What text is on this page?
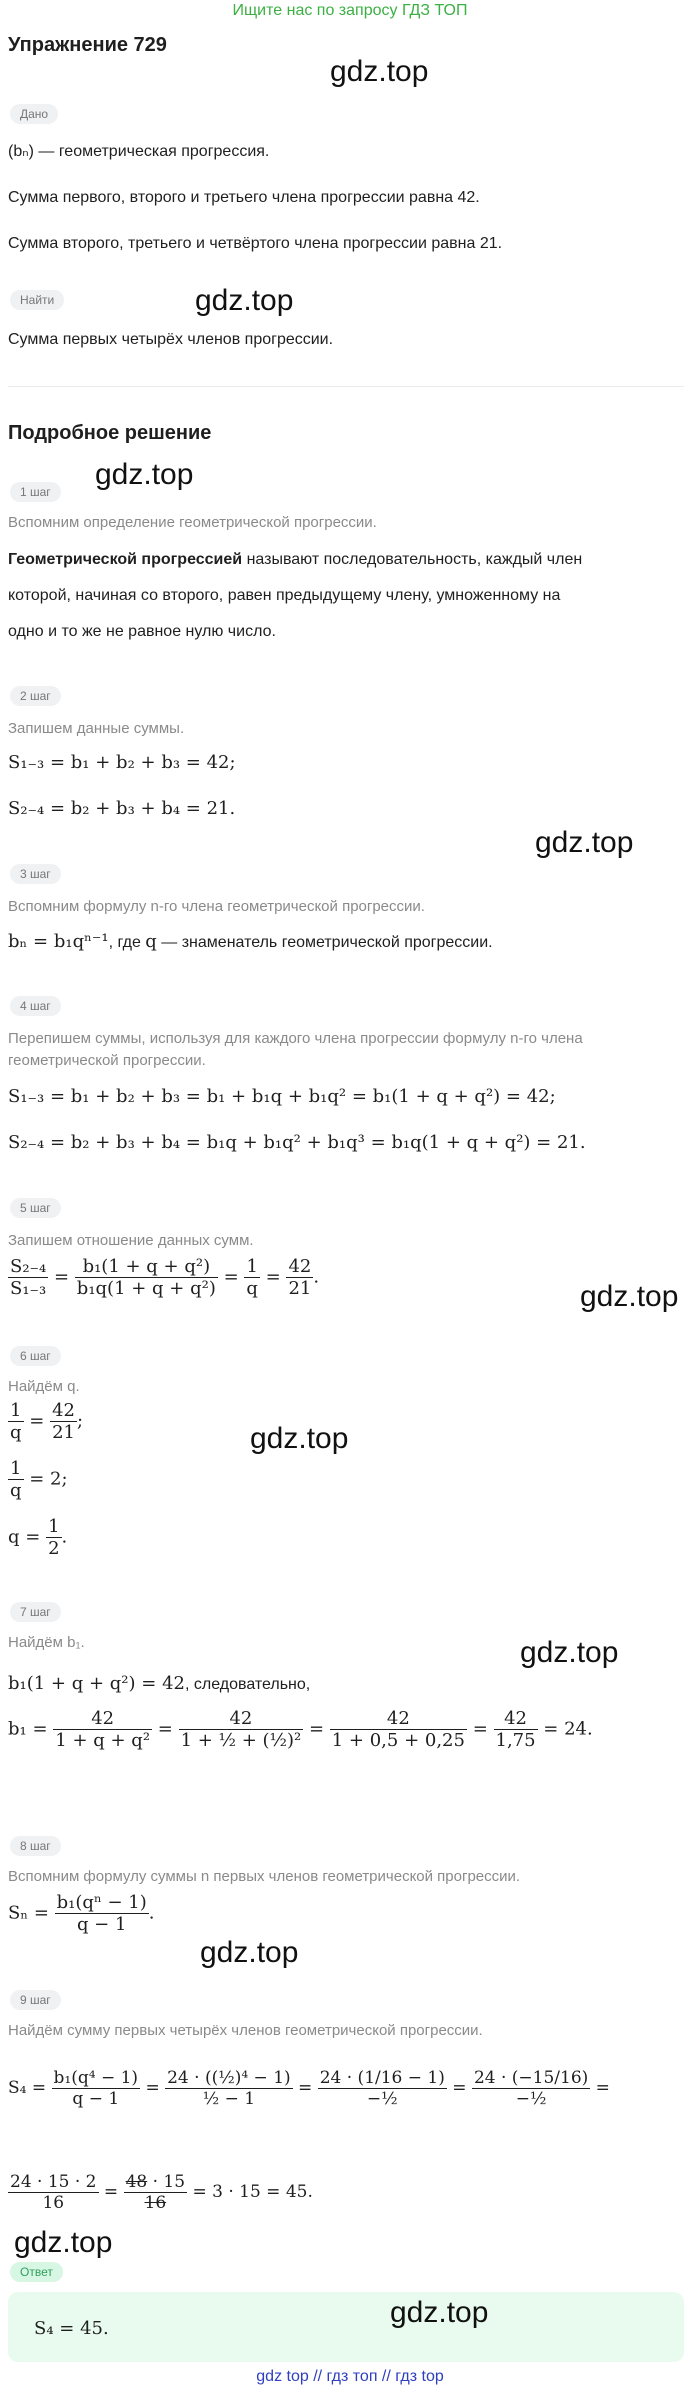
Ищите нас по запросу ГДЗ ТОП
Упражнение 729
gdz.top
Дано
(bₙ) — геометрическая прогрессия.
Сумма первого, второго и третьего члена прогрессии равна 42.
Сумма второго, третьего и четвёртого члена прогрессии равна 21.
Найти	gdz.top
Сумма первых четырёх членов прогрессии.
Подробное решение
gdz.top
1 шаг
Вспомним определение геометрической прогрессии.
Геометрической прогрессией называют последовательность, каждый член
которой, начиная со второго, равен предыдущему члену, умноженному на
одно и то же не равное нулю число.
2 шаг
Запишем данные суммы.
S₁₋₃ = b₁ + b₂ + b₃ = 42;
S₂₋₄ = b₂ + b₃ + b₄ = 21.
gdz.top
3 шаг
Вспомним формулу n-го члена геометрической прогрессии.
bₙ = b₁qⁿ⁻¹, где q — знаменатель геометрической прогрессии.
4 шаг
Перепишем суммы, используя для каждого члена прогрессии формулу n-го члена
геометрической прогрессии.
S₁₋₃ = b₁ + b₂ + b₃ = b₁ + b₁q + b₁q² = b₁(1 + q + q²) = 42;
S₂₋₄ = b₂ + b₃ + b₄ = b₁q + b₁q² + b₁q³ = b₁q(1 + q + q²) = 21.
5 шаг
Запишем отношение данных сумм.
$\frac{\text{S₂₋₄}}{\text{S₁₋₃}} = \frac{\text{b₁(1 + q + q²)}}{\text{b₁q(1 + q + q²)}} = \frac{1}{q} = \frac{42}{21}$ .
gdz.top
6 шаг
Найдём q.
$\frac{1}{q} = \frac{42}{21}$ ;
$\frac{1}{q} = 2$;
$q = \frac{1}{2}$ .
gdz.top
7 шаг
Найдём b₁.	gdz.top
b₁(1 + q + q²) = 42, следовательно,
$b_1 = \frac{42}{\text{1 + q + q²}} = \frac{42}{\text{1 + ½ + (½)²}} = \frac{42}{1 + 0,5 + 0,25} = \frac{42}{1,75} = 24$.
8 шаг
Вспомним формулу суммы n первых членов геометрической прогрессии.
$S_n = \frac{\text{b₁(qⁿ − 1)}}{q - 1}$ .
gdz.top
9 шаг
Найдём сумму первых четырёх членов геометрической прогрессии.
$S_4 = \frac{\text{b₁(q⁴ − 1)}}{q - 1} = \frac{\text{24 · ((½)⁴ − 1)}}{\text{½ − 1}} = \frac{24 \cdot (1/16 - 1)}{\text{−½}} = \frac{24 \cdot (-15/16)}{\text{−½}}$ =
$\frac{24 \cdot 15 \cdot 2}{16} = \frac{48 \cdot 15}{16} = 3 \cdot 15 = 45$.
gdz.top
Ответ
S₄ = 45.	gdz.top
gdz top // гдз топ // гдз top
